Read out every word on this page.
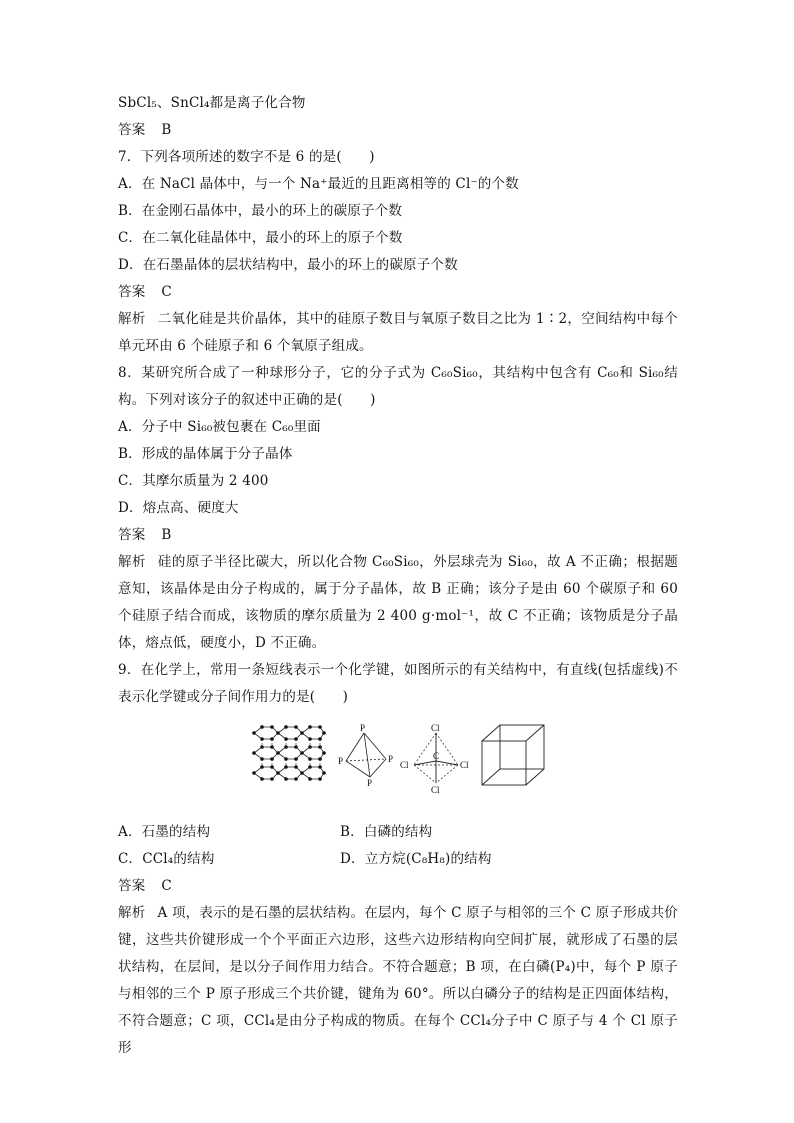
SbCl₅、SnCl₄都是离子化合物
答案 B
7．下列各项所述的数字不是 6 的是(　　)
A．在 NaCl 晶体中，与一个 Na⁺最近的且距离相等的 Cl⁻的个数
B．在金刚石晶体中，最小的环上的碳原子个数
C．在二氧化硅晶体中，最小的环上的原子个数
D．在石墨晶体的层状结构中，最小的环上的碳原子个数
答案 C
解析 二氧化硅是共价晶体，其中的硅原子数目与氧原子数目之比为 1∶2，空间结构中每个单元环由 6 个硅原子和 6 个氧原子组成。
8．某研究所合成了一种球形分子，它的分子式为 C₆₀Si₆₀，其结构中包含有 C₆₀和 Si₆₀结构。下列对该分子的叙述中正确的是(　　)
A．分子中 Si₆₀被包裹在 C₆₀里面
B．形成的晶体属于分子晶体
C．其摩尔质量为 2 400
D．熔点高、硬度大
答案 B
解析 硅的原子半径比碳大，所以化合物 C₆₀Si₆₀，外层球壳为 Si₆₀，故 A 不正确；根据题意知，该晶体是由分子构成的，属于分子晶体，故 B 正确；该分子是由 60 个碳原子和 60 个硅原子结合而成，该物质的摩尔质量为 2 400 g·mol⁻¹，故 C 不正确；该物质是分子晶体，熔点低，硬度小，D 不正确。
9．在化学上，常用一条短线表示一个化学键，如图所示的有关结构中，有直线(包括虚线)不表示化学键或分子间作用力的是(　　)
P
P	P
P
Cl
Cl	Cl
Cl
C
A．石墨的结构	B．白磷的结构
C．CCl₄的结构	D．立方烷(C₈H₈)的结构
答案 C
解析 A 项，表示的是石墨的层状结构。在层内，每个 C 原子与相邻的三个 C 原子形成共价键，这些共价键形成一个个平面正六边形，这些六边形结构向空间扩展，就形成了石墨的层状结构，在层间，是以分子间作用力结合。不符合题意；B 项，在白磷(P₄)中，每个 P 原子与相邻的三个 P 原子形成三个共价键，键角为 60°。所以白磷分子的结构是正四面体结构，不符合题意；C 项，CCl₄是由分子构成的物质。在每个 CCl₄分子中 C 原子与 4 个 Cl 原子形
